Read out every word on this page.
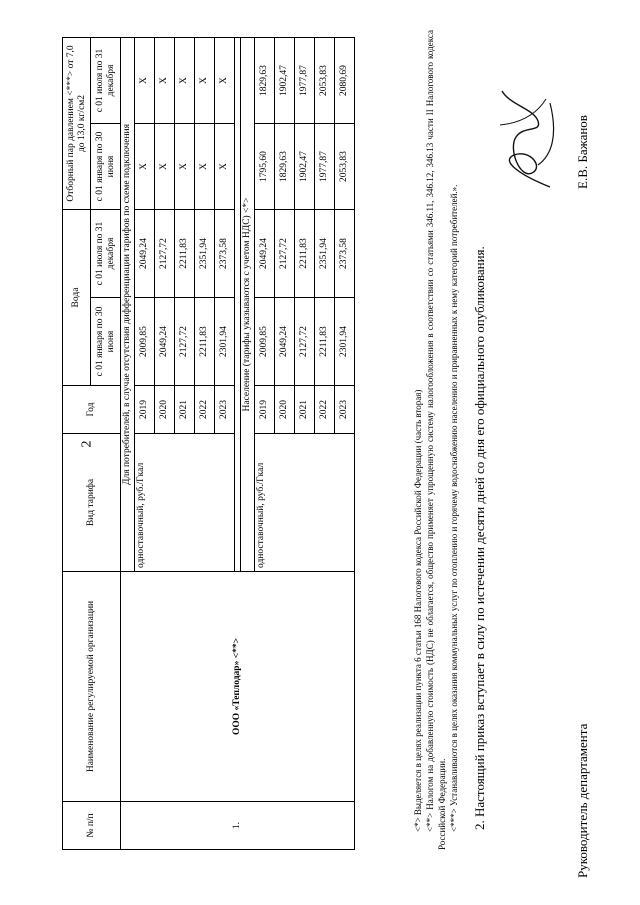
№ п/п	Наименование регулируемой организации	Вид тарифа	Год	Вода		Отборный пар давлением <***> от 7,0 до 13,0 кг/см2	
				с 01 января по 30 июня	с 01 июля по 31 декабря	с 01 января по 30 июня	с 01 июля по 31 декабря
1.	ООО «Теплодар» <**>	Для потребителей, в случае отсутствия дифференциации тарифов по схеме подключения					
		одноставочный, руб./Гкал	2019	2009,85	2049,24	X	X
			2020	2049,24	2127,72	X	X
			2021	2127,72	2211,83	X	X
			2022	2211,83	2351,94	X	X
			2023	2301,94	2373,58	X	X

		Население (тарифы указываются с учетом НДС) <*>					
		одноставочный, руб./Гкал	2019	2009,85	2049,24	1795,60	1829,63
			2020	2049,24	2127,72	1829,63	1902,47
			2021	2127,72	2211,83	1902,47	1977,87
			2022	2211,83	2351,94	1977,87	2053,83
			2023	2301,94	2373,58	2053,83	2080,69

<*> Выделяется в целях реализации пункта 6 статьи 168 Налогового кодекса Российской Федерации (часть вторая) <**> Налогом на добавленную стоимость (НДС) не облагается, общество применяет упрощенную систему налогообложения в соответствии со статьями 346.11, 346.12, 346.13 части II Налогового кодекса Российской Федерации. <***> Устанавливаются в целях оказания коммунальных услуг по отоплению и горячему водоснабжению населению и приравненных к нему категорий потребителей.». 2. Настоящий приказ вступает в силу по истечении десяти дней со дня его официального опубликования.	Руководитель департамента
Е.В. Бажанов
2
